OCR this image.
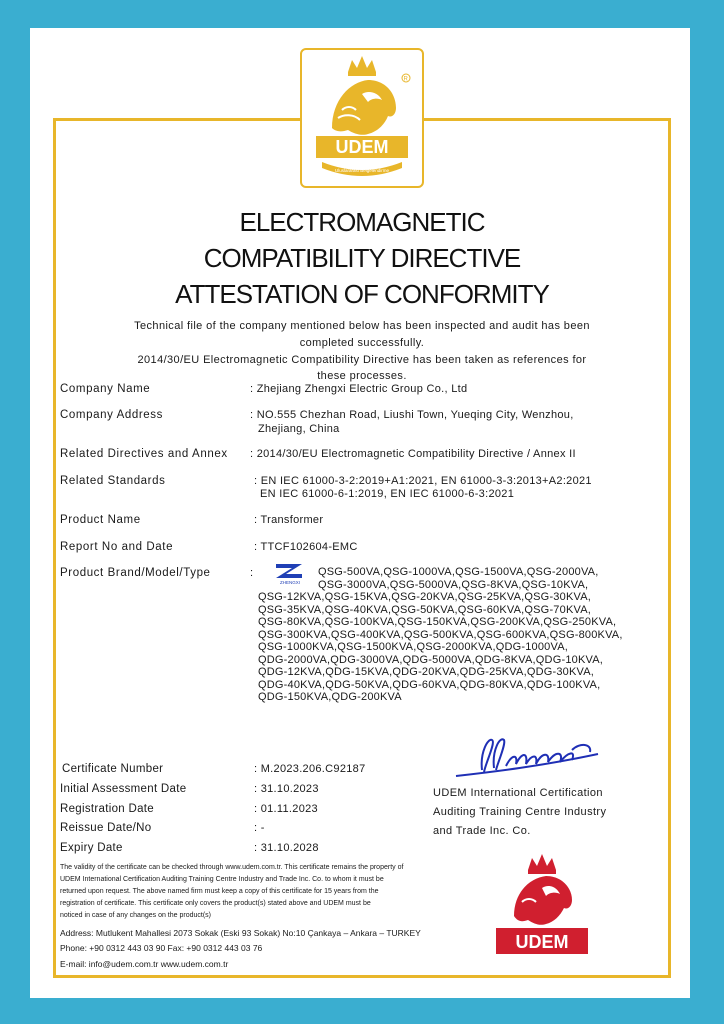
R
UDEM
Uluslararası Belgelendirme
ELECTROMAGNETIC
COMPATIBILITY DIRECTIVE
ATTESTATION OF CONFORMITY
Technical file of the company mentioned below has been inspected and audit has been
completed successfully.
2014/30/EU Electromagnetic Compatibility Directive has been taken as references for
these processes.
Company Name	: Zhejiang Zhengxi Electric Group Co., Ltd
Company Address	: NO.555 Chezhan Road, Liushi Town, Yueqing City, Wenzhou,
Zhejiang, China
Related Directives and Annex : 2014/30/EU Electromagnetic Compatibility Directive / Annex II
Related Standards	: EN IEC 61000-3-2:2019+A1:2021, EN 61000-3-3:2013+A2:2021
EN IEC 61000-6-1:2019, EN IEC 61000-6-3:2021
Product Name	: Transformer
Report No and Date	: TTCF102604-EMC
Product Brand/Model/Type	:
ZHENGXI
QSG-500VA,QSG-1000VA,QSG-1500VA,QSG-2000VA,
QSG-3000VA,QSG-5000VA,QSG-8KVA,QSG-10KVA,
QSG-12KVA,QSG-15KVA,QSG-20KVA,QSG-25KVA,QSG-30KVA,
QSG-35KVA,QSG-40KVA,QSG-50KVA,QSG-60KVA,QSG-70KVA,
QSG-80KVA,QSG-100KVA,QSG-150KVA,QSG-200KVA,QSG-250KVA,
QSG-300KVA,QSG-400KVA,QSG-500KVA,QSG-600KVA,QSG-800KVA,
QSG-1000KVA,QSG-1500KVA,QSG-2000KVA,QDG-1000VA,
QDG-2000VA,QDG-3000VA,QDG-5000VA,QDG-8KVA,QDG-10KVA,
QDG-12KVA,QDG-15KVA,QDG-20KVA,QDG-25KVA,QDG-30KVA,
QDG-40KVA,QDG-50KVA,QDG-60KVA,QDG-80KVA,QDG-100KVA,
QDG-150KVA,QDG-200KVA
Certificate Number	: M.2023.206.C92187
Initial Assessment Date	: 31.10.2023
Registration Date	: 01.11.2023
Reissue Date/No	: -
Expiry Date	: 31.10.2028
UDEM International Certification
Auditing Training Centre Industry
and Trade Inc. Co.
The validity of the certificate can be checked through www.udem.com.tr. This certificate remains the property of
UDEM International Certification Auditing Training Centre Industry and Trade Inc. Co. to whom it must be
returned upon request. The above named firm must keep a copy of this certificate for 15 years from the
registration of certificate. This certificate only covers the product(s) stated above and UDEM must be
noticed in case of any changes on the product(s)
Address: Mutlukent Mahallesi 2073 Sokak (Eski 93 Sokak) No:10 Çankaya – Ankara – TURKEY
Phone: +90 0312 443 03 90 Fax: +90 0312 443 03 76
E-mail: info@udem.com.tr www.udem.com.tr
UDEM
